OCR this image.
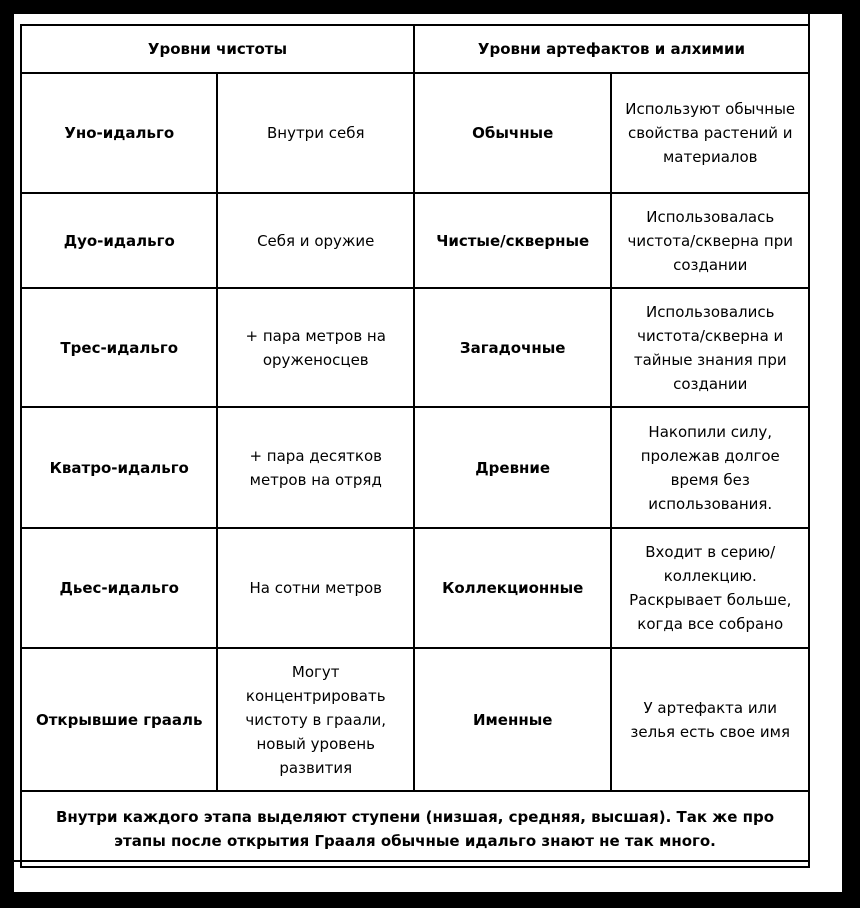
Уровни чистоты		Уровни артефактов и алхимии	
Уно-идальго	Внутри себя	Обычные	Используют обычные свойства растений и материалов
Дуо-идальго	Себя и оружие	Чистые/скверные	Использовалась чистота/скверна при создании
Трес-идальго	+ пара метров на оруженосцев	Загадочные	Использовались чистота/скверна и тайные знания при создании
Кватро-идальго	+ пара десятков метров на отряд	Древние	Накопили силу, пролежав долгое время без использования.
Дьес-идальго	На сотни метров	Коллекционные	Входит в серию/коллекцию. Раскрывает больше, когда все собрано
Открывшие грааль	Могут концентрировать чистоту в граали, новый уровень развития	Именные	У артефакта или зелья есть свое имя
Внутри каждого этапа выделяют ступени (низшая, средняя, высшая). Так же про этапы после открытия Грааля обычные идальго знают не так много.			
